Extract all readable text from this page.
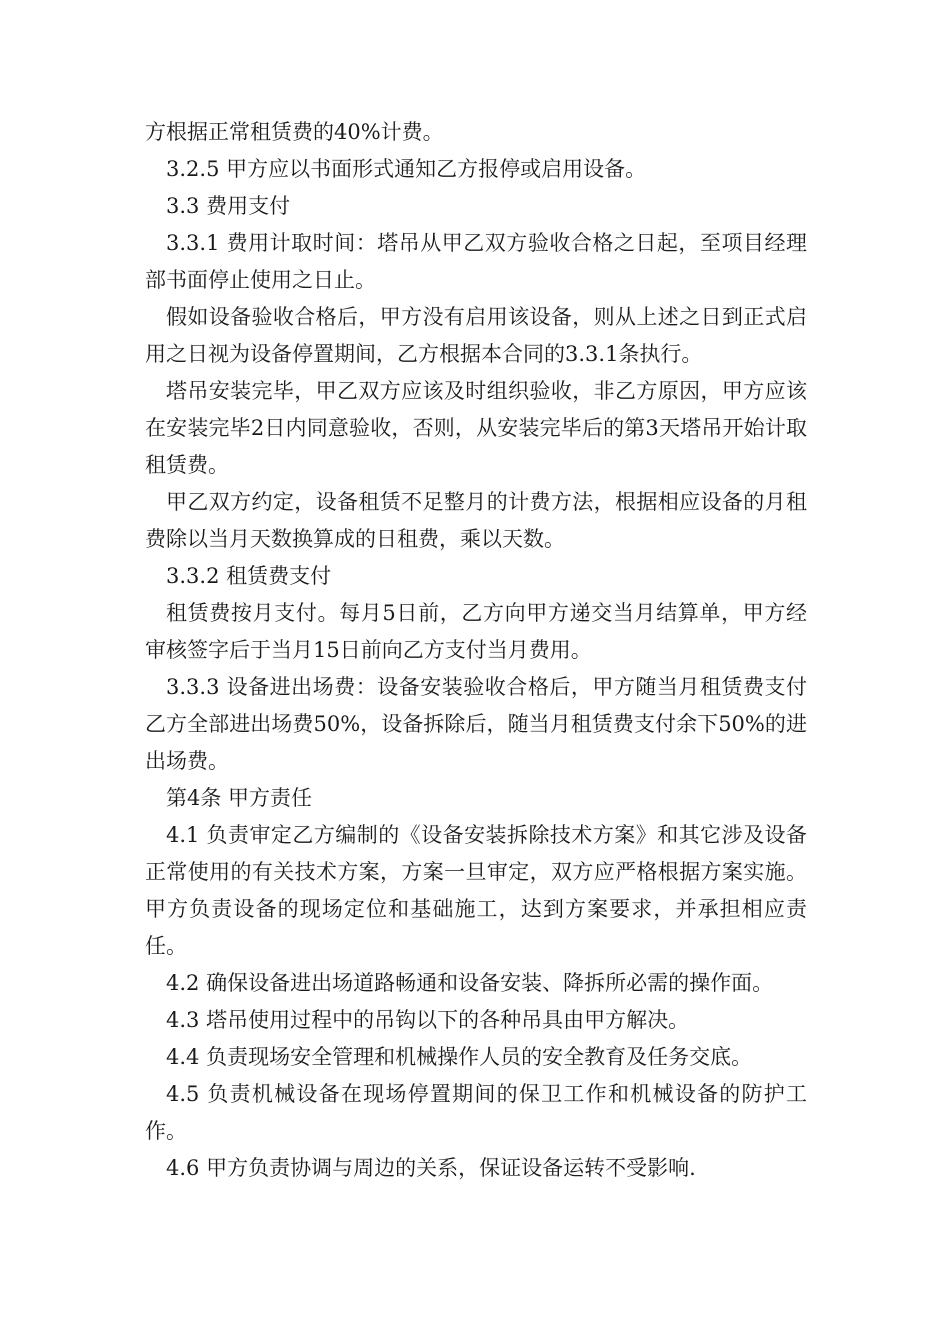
方根据正常租赁费的40%计费。

3.2.5 甲方应以书面形式通知乙方报停或启用设备。

3.3 费用支付

3.3.1 费用计取时间：塔吊从甲乙双方验收合格之日起，至项目经理部书面停止使用之日止。

假如设备验收合格后，甲方没有启用该设备，则从上述之日到正式启用之日视为设备停置期间，乙方根据本合同的3.3.1条执行。

塔吊安装完毕，甲乙双方应该及时组织验收，非乙方原因，甲方应该在安装完毕2日内同意验收，否则，从安装完毕后的第3天塔吊开始计取租赁费。

甲乙双方约定，设备租赁不足整月的计费方法，根据相应设备的月租费除以当月天数换算成的日租费，乘以天数。

3.3.2 租赁费支付

租赁费按月支付。每月5日前，乙方向甲方递交当月结算单，甲方经审核签字后于当月15日前向乙方支付当月费用。

3.3.3 设备进出场费：设备安装验收合格后，甲方随当月租赁费支付乙方全部进出场费50%，设备拆除后，随当月租赁费支付余下50%的进出场费。

第4条 甲方责任

4.1 负责审定乙方编制的《设备安装拆除技术方案》和其它涉及设备正常使用的有关技术方案，方案一旦审定，双方应严格根据方案实施。甲方负责设备的现场定位和基础施工，达到方案要求，并承担相应责任。

4.2 确保设备进出场道路畅通和设备安装、降拆所必需的操作面。

4.3 塔吊使用过程中的吊钩以下的各种吊具由甲方解决。

4.4 负责现场安全管理和机械操作人员的安全教育及任务交底。

4.5 负责机械设备在现场停置期间的保卫工作和机械设备的防护工作。

4.6 甲方负责协调与周边的关系，保证设备运转不受影响.
